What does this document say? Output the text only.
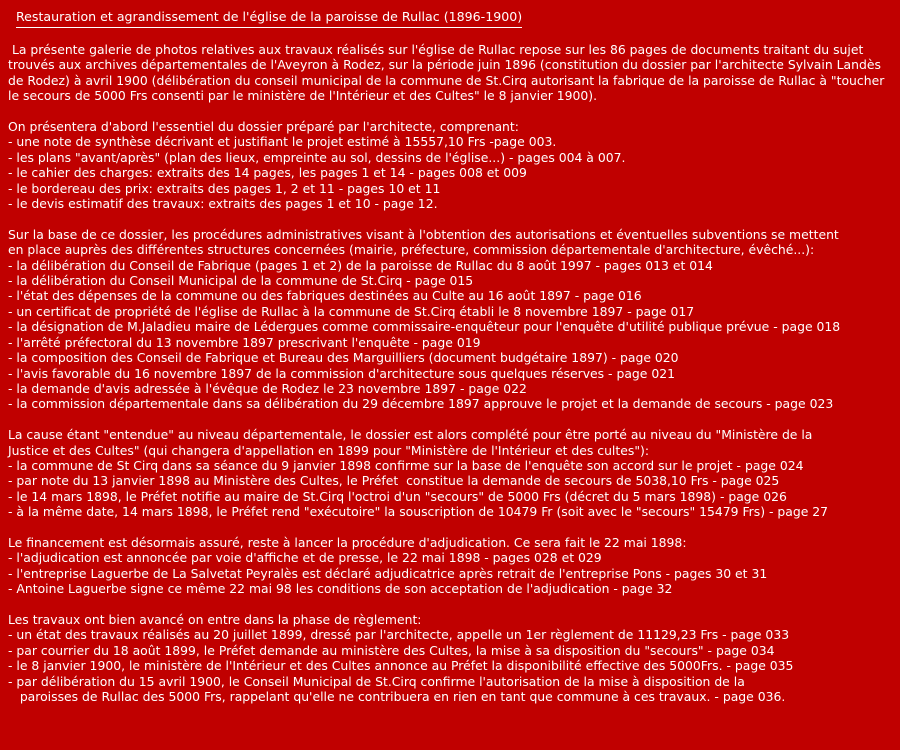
Restauration et agrandissement de l'église de la paroisse de Rullac (1896-1900)

La présente galerie de photos relatives aux travaux réalisés sur l'église de Rullac repose sur les 86 pages de documents traitant du sujet trouvés aux archives départementales de l'Aveyron à Rodez, sur la période juin 1896 (constitution du dossier par l'architecte Sylvain Landès de Rodez) à avril 1900 (délibération du conseil municipal de la commune de St.Cirq autorisant la fabrique de la paroisse de Rullac à "toucher le secours de 5000 Frs consenti par le ministère de l'Intérieur et des Cultes" le 8 janvier 1900).

On présentera d'abord l'essentiel du dossier préparé par l'architecte, comprenant:
- une note de synthèse décrivant et justifiant le projet estimé à 15557,10 Frs -page 003.
- les plans "avant/après" (plan des lieux, empreinte au sol, dessins de l'église...) - pages 004 à 007.
- le cahier des charges: extraits des 14 pages, les pages 1 et 14 - pages 008 et 009
- le bordereau des prix: extraits des pages 1, 2 et 11 - pages 10 et 11
- le devis estimatif des travaux: extraits des pages 1 et 10 - page 12.
Sur la base de ce dossier, les procédures administratives visant à l'obtention des autorisations et éventuelles subventions se mettent
en place auprès des différentes structures concernées (mairie, préfecture, commission départementale d'architecture, évêché...):
- la délibération du Conseil de Fabrique (pages 1 et 2) de la paroisse de Rullac du 8 août 1997 - pages 013 et 014
- la délibération du Conseil Municipal de la commune de St.Cirq - page 015
- l'état des dépenses de la commune ou des fabriques destinées au Culte au 16 août 1897 - page 016
- un certificat de propriété de l'église de Rullac à la commune de St.Cirq établi le 8 novembre 1897 - page 017
- la désignation de M.Jaladieu maire de Lédergues comme commissaire-enquêteur pour l'enquête d'utilité publique prévue - page 018
- l'arrêté préfectoral du 13 novembre 1897 prescrivant l'enquête - page 019
- la composition des Conseil de Fabrique et Bureau des Marguilliers (document budgétaire 1897) - page 020
- l'avis favorable du 16 novembre 1897 de la commission d'architecture sous quelques réserves - page 021
- la demande d'avis adressée à l'évêque de Rodez le 23 novembre 1897 - page 022
- la commission départementale dans sa délibération du 29 décembre 1897 approuve le projet et la demande de secours - page 023
La cause étant "entendue" au niveau départementale, le dossier est alors complété pour être porté au niveau du "Ministère de la
Justice et des Cultes" (qui changera d'appellation en 1899 pour "Ministère de l'Intérieur et des cultes"):
- la commune de St Cirq dans sa séance du 9 janvier 1898 confirme sur la base de l'enquête son accord sur le projet - page 024
- par note du 13 janvier 1898 au Ministère des Cultes, le Préfet  constitue la demande de secours de 5038,10 Frs - page 025
- le 14 mars 1898, le Préfet notifie au maire de St.Cirq l'octroi d'un "secours" de 5000 Frs (décret du 5 mars 1898) - page 026
- à la même date, 14 mars 1898, le Préfet rend "exécutoire" la souscription de 10479 Fr (soit avec le "secours" 15479 Frs) - page 27
Le financement est désormais assuré, reste à lancer la procédure d'adjudication. Ce sera fait le 22 mai 1898:
- l'adjudication est annoncée par voie d'affiche et de presse, le 22 mai 1898 - pages 028 et 029
- l'entreprise Laguerbe de La Salvetat Peyralès est déclaré adjudicatrice après retrait de l'entreprise Pons - pages 30 et 31
- Antoine Laguerbe signe ce même 22 mai 98 les conditions de son acceptation de l'adjudication - page 32
Les travaux ont bien avancé on entre dans la phase de règlement:
- un état des travaux réalisés au 20 juillet 1899, dressé par l'architecte, appelle un 1er règlement de 11129,23 Frs - page 033
- par courrier du 18 août 1899, le Préfet demande au ministère des Cultes, la mise à sa disposition du "secours" - page 034
- le 8 janvier 1900, le ministère de l'Intérieur et des Cultes annonce au Préfet la disponibilité effective des 5000Frs. - page 035
- par délibération du 15 avril 1900, le Conseil Municipal de St.Cirq confirme l'autorisation de la mise à disposition de la
paroisses de Rullac des 5000 Frs, rappelant qu'elle ne contribuera en rien en tant que commune à ces travaux. - page 036.
